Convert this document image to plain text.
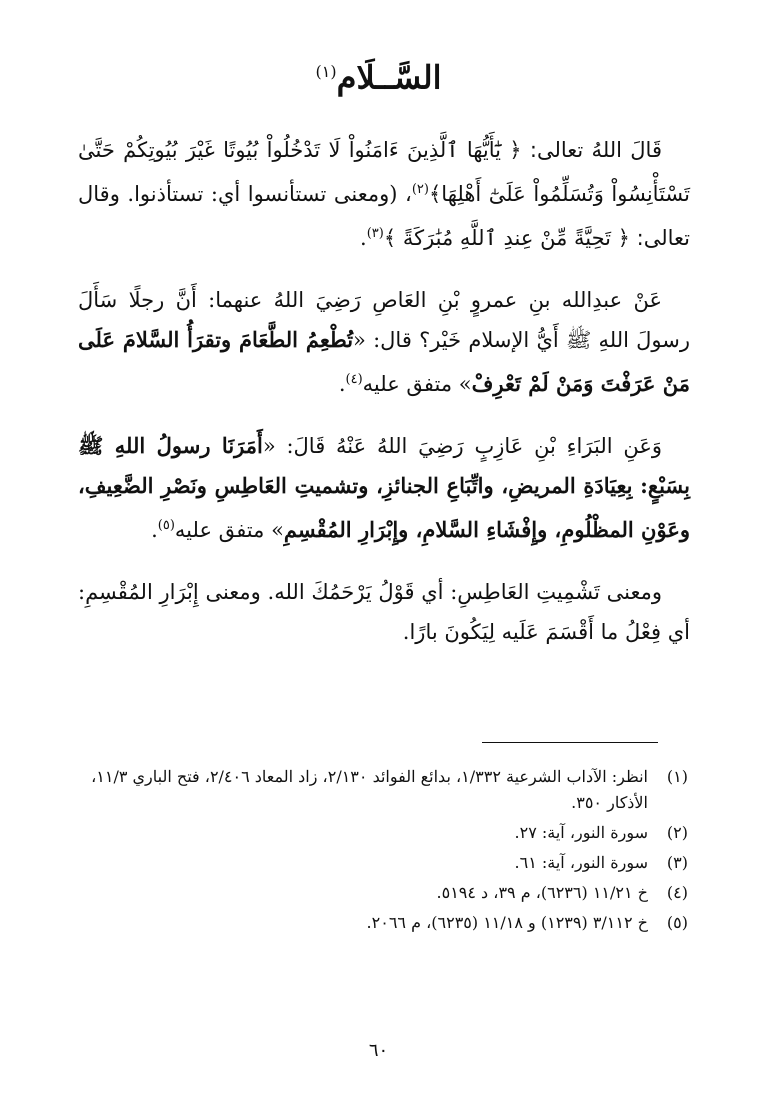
السَّــلَام$^{(١)}$

قَالَ اللهُ تعالى: ﴿ يَٰٓأَيُّهَا ٱلَّذِينَ ءَامَنُواْ لَا تَدْخُلُواْ بُيُوتًا غَيْرَ بُيُوتِكُمْ حَتَّىٰ تَسْتَأْنِسُواْ وَتُسَلِّمُواْ عَلَىٰٓ أَهْلِهَا﴾$^{(٢)}$، (ومعنى تستأنسوا أي: تستأذنوا. وقال تعالى: ﴿ تَحِيَّةً مِّنْ عِندِ ٱللَّهِ مُبَٰرَكَةً ﴾$^{(٣)}$.

عَنْ عبدِالله بنِ عمروٍ بْنِ العَاصِ رَضِيَ اللهُ عنهما: أَنَّ رجلًا سَأَلَ رسولَ اللهِ ﷺ أَيُّ الإسلام خَيْر؟ قال: «تُطْعِمُ الطَّعَامَ وتقرَأُ السَّلامَ عَلَى مَنْ عَرَفْتَ وَمَنْ لَمْ تَعْرِفْ» متفق عليه$^{(٤)}$.

وَعَنِ البَرَاءِ بْنِ عَازِبٍ رَضِيَ اللهُ عَنْهُ قَالَ: «أَمَرَنَا رسولُ اللهِ ﷺ بِسَبْعٍ: بِعِيَادَةِ المريضِ، واتِّبَاعِ الجنائزِ، وتشميتِ العَاطِسِ ونَصْرِ الضَّعِيفِ، وعَوْنِ المظْلُومِ، وإِفْشَاءِ السَّلامِ، وإِبْرَارِ المُقْسِمِ» متفق عليه$^{(٥)}$.

ومعنى تَشْمِيتِ العَاطِسِ: أي قَوْلُ يَرْحَمُكَ الله. ومعنى إِبْرَارِ المُقْسِمِ: أي فِعْلُ ما أَقْسَمَ عَلَيه لِيَكُونَ بارًا.

(١)
انظر: الآداب الشرعية ١/٣٣٢، بدائع الفوائد ٢/١٣٠، زاد المعاد ٢/٤٠٦، فتح الباري ١١/٣، الأذكار ٣٥٠.
(٢)
سورة النور، آية: ٢٧.
(٣)
سورة النور، آية: ٦١.
(٤)
خ ١١/٢١ (٦٢٣٦)، م ٣٩، د ٥١٩٤.
(٥)
خ ٣/١١٢ (١٢٣٩) و ١١/١٨ (٦٢٣٥)، م ٢٠٦٦.
٦٠
